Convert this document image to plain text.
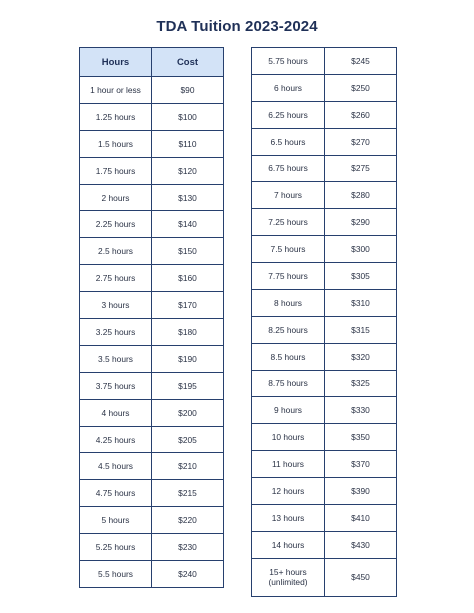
TDA Tuition 2023-2024
Hours	Cost
1 hour or less	$90
1.25 hours	$100
1.5 hours	$110
1.75 hours	$120
2 hours	$130
2.25 hours	$140
2.5 hours	$150
2.75 hours	$160
3 hours	$170
3.25 hours	$180
3.5 hours	$190
3.75 hours	$195
4 hours	$200
4.25 hours	$205
4.5 hours	$210
4.75 hours	$215
5 hours	$220
5.25 hours	$230
5.5 hours	$240
5.75 hours	$245
6 hours	$250
6.25 hours	$260
6.5 hours	$270
6.75 hours	$275
7 hours	$280
7.25 hours	$290
7.5 hours	$300
7.75 hours	$305
8 hours	$310
8.25 hours	$315
8.5 hours	$320
8.75 hours	$325
9 hours	$330
10 hours	$350
11 hours	$370
12 hours	$390
13 hours	$410
14 hours	$430
15+ hours
(unlimited)	$450
